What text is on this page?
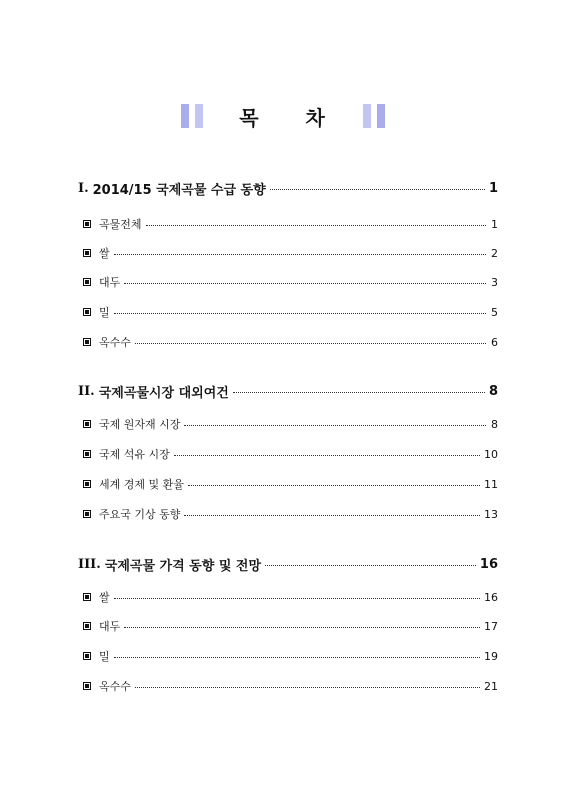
목 차
I. 2014/15 국제곡물 수급 동향	1
곡물전체	1
쌀	2
대두	3
밀	5
옥수수	6
II. 국제곡물시장 대외여건	8
국제 원자재 시장	8
국제 석유 시장	10
세계 경제 및 환율	11
주요국 기상 동향	13
III. 국제곡물 가격 동향 및 전망	16
쌀	16
대두	17
밀	19
옥수수	21
